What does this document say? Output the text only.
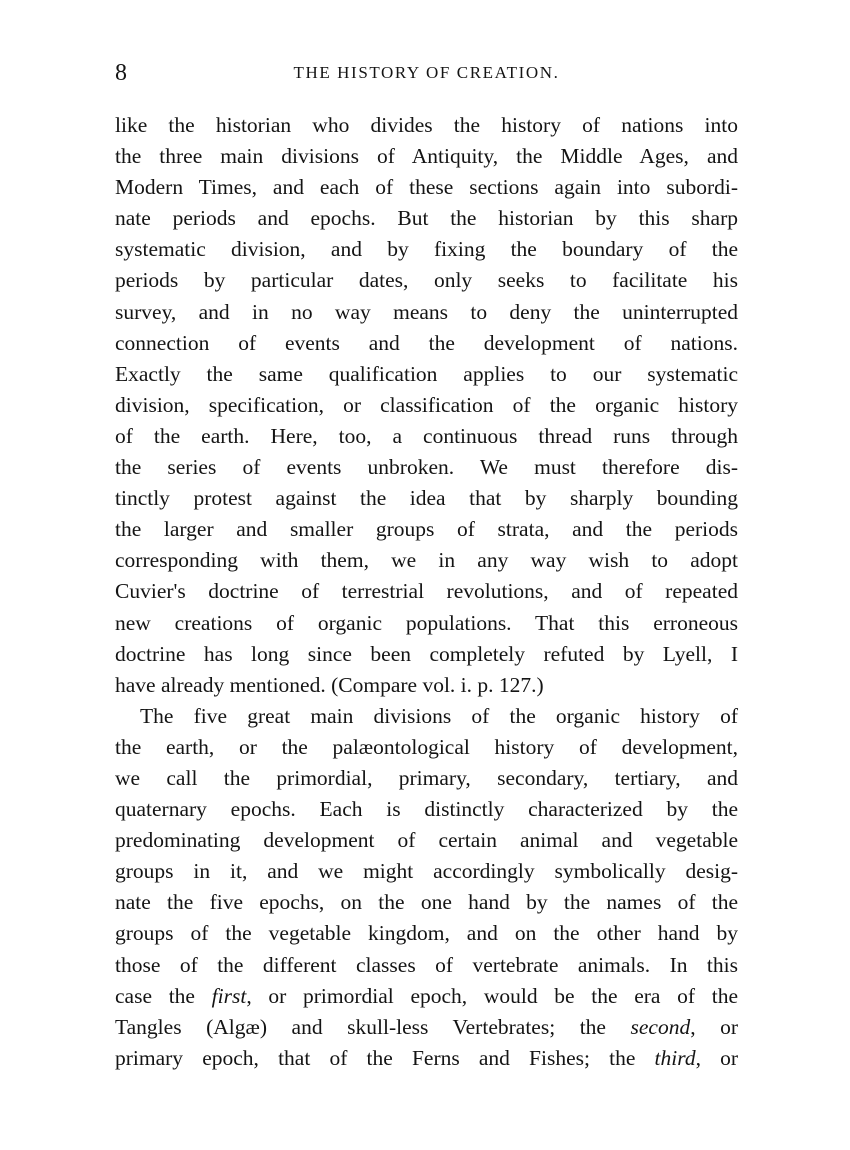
8	THE HISTORY OF CREATION.
like the historian who divides the history of nations into
the three main divisions of Antiquity, the Middle Ages, and
Modern Times, and each of these sections again into subordi-
nate periods and epochs. But the historian by this sharp
systematic division, and by fixing the boundary of the
periods by particular dates, only seeks to facilitate his
survey, and in no way means to deny the uninterrupted
connection of events and the development of nations.
Exactly the same qualification applies to our systematic
division, specification, or classification of the organic history
of the earth. Here, too, a continuous thread runs through
the series of events unbroken. We must therefore dis-
tinctly protest against the idea that by sharply bounding
the larger and smaller groups of strata, and the periods
corresponding with them, we in any way wish to adopt
Cuvier's doctrine of terrestrial revolutions, and of repeated
new creations of organic populations. That this erroneous
doctrine has long since been completely refuted by Lyell, I
have already mentioned. (Compare vol. i. p. 127.)
The five great main divisions of the organic history of
the earth, or the palæontological history of development,
we call the primordial, primary, secondary, tertiary, and
quaternary epochs. Each is distinctly characterized by the
predominating development of certain animal and vegetable
groups in it, and we might accordingly symbolically desig-
nate the five epochs, on the one hand by the names of the
groups of the vegetable kingdom, and on the other hand by
those of the different classes of vertebrate animals. In this
case the first, or primordial epoch, would be the era of the
Tangles (Algæ) and skull-less Vertebrates; the second, or
primary epoch, that of the Ferns and Fishes; the third, or
